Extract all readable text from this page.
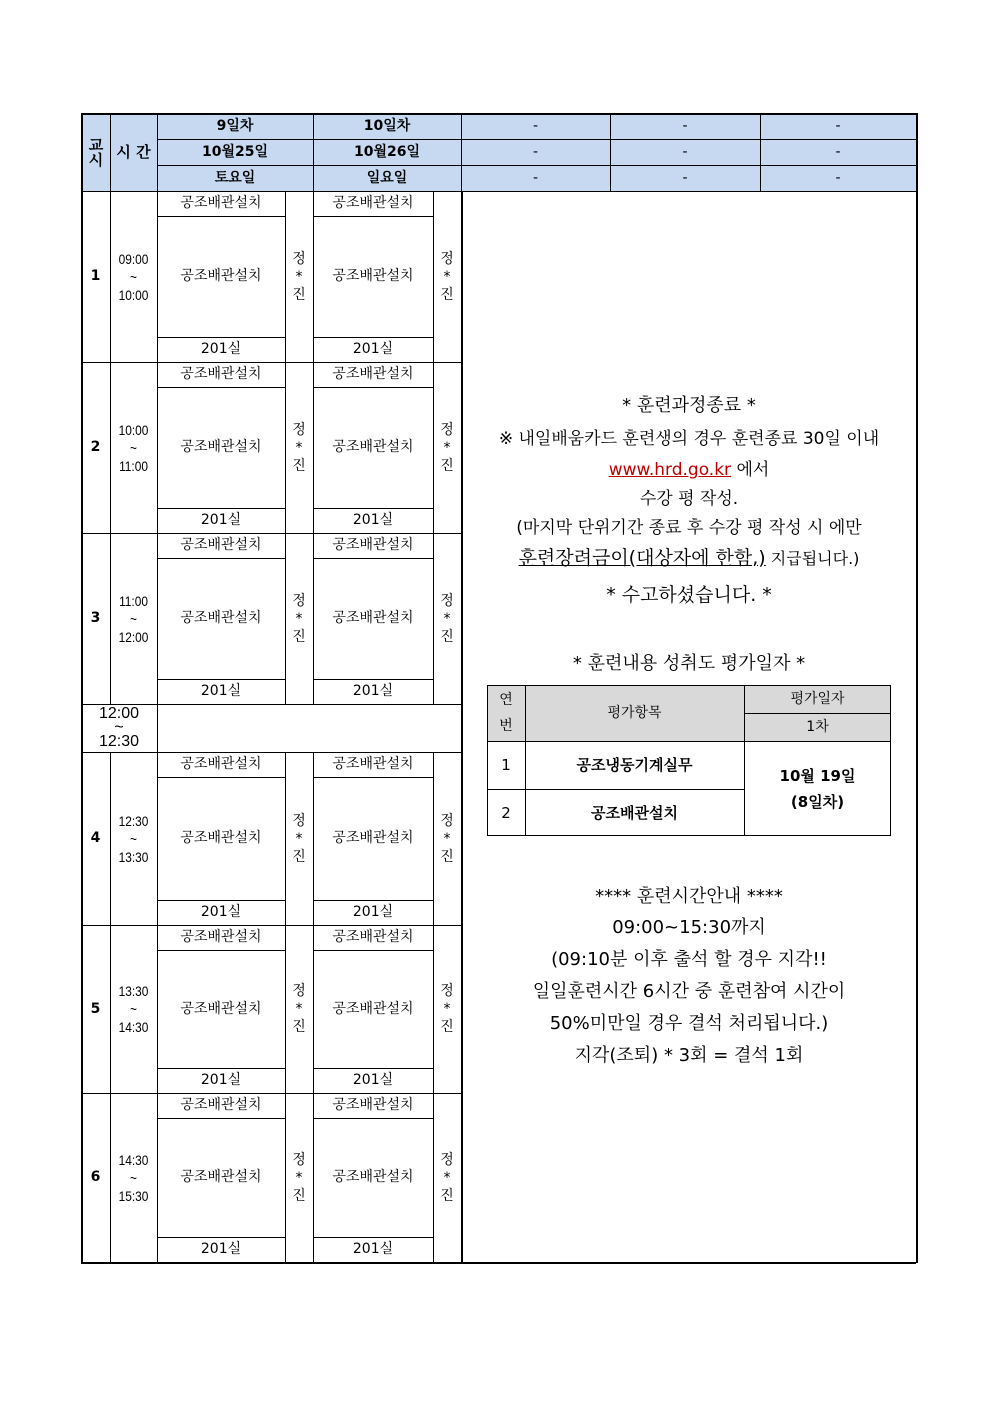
교시 시 간
9일차
10월25일
토요일
10일차
10월26일
일요일
-
-
-
-
-
-
-
-
-
1
09:00
~
10:00
공조배관설치
공조배관설치
201실
정
*
진
공조배관설치
공조배관설치
201실
정
*
진
2
10:00
~
11:00
공조배관설치
공조배관설치
201실
정
*
진
공조배관설치
공조배관설치
201실
정
*
진
3
11:00
~
12:00
공조배관설치
공조배관설치
201실
정
*
진
공조배관설치
공조배관설치
201실
정
*
진
4
12:30
~
13:30
공조배관설치
공조배관설치
201실
정
*
진
공조배관설치
공조배관설치
201실
정
*
진
5
13:30
~
14:30
공조배관설치
공조배관설치
201실
정
*
진
공조배관설치
공조배관설치
201실
정
*
진
6
14:30
~
15:30
공조배관설치
공조배관설치
201실
정
*
진
공조배관설치
공조배관설치
201실
정
*
진
12:00
~
12:30
* 훈련과정종료 *
※ 내일배움카드 훈련생의 경우 훈련종료 30일 이내
www.hrd.go.kr 에서
수강 평 작성.
(마지막 단위기간 종료 후 수강 평 작성 시 에만
훈련장려금이(대상자에 한함,) 지급됩니다.)
* 수고하셨습니다. *
* 훈련내용 성취도 평가일자 *
연
번
평가항목
평가일자
1차
1	공조냉동기계실무
2	공조배관설치
10월 19일
(8일차)
**** 훈련시간안내 ****
09:00~15:30까지
(09:10분 이후 출석 할 경우 지각!!
일일훈련시간 6시간 중 훈련참여 시간이
50%미만일 경우 결석 처리됩니다.)
지각(조퇴) * 3회 = 결석 1회
